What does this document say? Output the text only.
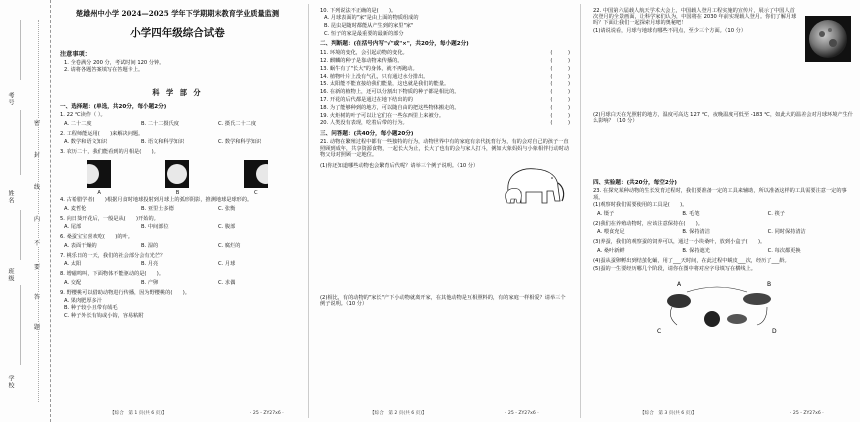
考号
姓名
班级
学校
密
封
线
内
不
要
答
题
楚雄州中小学 2024—2025 学年下学期期末教育学业质量监测
小学四年级综合试卷
注意事项：
1. 全卷满分 200 分，考试时间 120 分钟。
2. 请将各题答案填写在答题卡上。
科 学 部 分
一、选择题：(单选，共20分，每小题2分)
1. 22 ℃读作（ ）。
A. 二十二度	B. 二十二摄氏度	C. 摄氏二十二度
2. 工程师能运用(　　)来解决问题。
A. 数学和语文知识	B. 语文和科学知识	C. 数学和科学知识
3. 农历二十，我们能看到的月相是(　　)。
A	B	C
4. 古希腊学者(　　)根据月食时地球投射到月球上的弧形阴影，推测地球是球形的。
A. 麦哲伦	B. 亚里士多德	C. 张衡
5. 向日葵开花后，一般是从(　　)开始的。
A. 尾部	B. 中间部位	C. 腹部
6. 桑蚕宝宝喜欢吃(　　)的叶。
A. 表面干燥的	B. 湿的	C. 腐烂的
7. 桃乐日的一天，我们的社会部分会有光芒？
A. 太阳	B. 月亮	C. 月球
8. 增磁鸣叫，下面物体不能驱动的是(　　)。
A. 交配	B. 产卵	C. 求偶
9. 野樱桃可以借助动物进行传播，因为野樱桃的(　　)。
A. 果肉肥厚多汁
B. 种子较小且带有绒毛
C. 种子外长有钩或小钩，容易粘附
【综合　第 1 页(共 6 页)】	· 25 - ZY27x6 ·
10. 下列说法不正确的是(　　)。
A. 月球表面的"家"是由上面的物质组成的
B. 昆虫是随时都能从产生到的家里"家"
C. 恒子的家是最重要的最新的部分
二、判断题：(在括号内写"√"或"×"，共20分，每小题2分)
11. 环境的变化，会引起动物的变化。	(　　　)
12. 麒麟的种子是靠动物来传播的。	(　　　)
13. 蜗牛有了"长大"的身体，就不再跑动。	(　　　)
14. 植物叶片上没有气孔，只有通过水分排出。	(　　　)
15. 太阳能不能直接给我们能量，这也就是我们的能量。	(　　　)
16. 在新的植物上，还可以分割出下物质的种子都是相比的。	(　　　)
17. 开花的后代都是通过在地下结出的的	(　　　)
18. 为了能够种到的地方，可以随自由的把这些物体搬走的。	(　　　)
19. 火炬树的叶子可以让它们在一些东西里上来被分。	(　　　)
20. 人类没有表现，吃着后带的行为。	(　　　)
三、问答题：(共40分，每小题20分)
21. 动物在繁殖过程中都有一些独特的行为，动物世界中有的家庭有亲代抚育行为，有的会对自己的孩子一直照顾到成年，共享资源食物，一起长大为止，长大了也有的会与家人打斗，例如大象妈妈与小象相伴行动时动物父母对照顾一定地位。
(1)你还知道哪些动物也会繁育后代呢？请举三个例子说明。（10 分）
(2)相比，有的动物的"家长"产下小动物就离开家，在其他动物是互相照料的，有的家庭一样相爱？请举三个例子说明。（10 分）
【综合　第 2 页(共 6 页)】	· 25 - ZY27x6 ·
22. 中国第六届载人航天学术大会上，中国载人登月工程实施的宣传片，展示了中国人首次登月的全景画面，让科学家们认为，中国将在 2030 年前实现载人登月。你们了解月球吗？下面让我们一起探索月球的奥秘吧！
(1)请说说看，月球与地球有哪些不同点，至少三个方面。（10 分）
(2)月球白天在光照射的地方，温度可高达 127 ℃，夜晚温度可低至 -183 ℃，如此大的温差会对月球环境产生什么影响？（10 分）
四、实验题：(共20分，每空2分)
23. 在探究某种动物的生长发育过程时，我们要准备一定的工具来辅助，所以准备这样的工具需要注意一定的事项。
(1)观察时我们需要使用的工具是(　　)。
A. 镊子	B. 毛笔	C. 筷子
(2)我们在养殖动物时，应该注意保持在(　　)。
A. 喂食充足	B. 保持清洁	C. 同时保持清洁
(3)养蚕，我们的观察蚕的饲养可以，通过一小块桑叶，放到小盒子(　　)。
A. 桑叶新鲜	B. 保持遮光	C. 每次都更换
(4)蚕从蚕卵孵出到结茧化蛹，用了___天时间，在此过程中蜕皮___次，经历了___龄。
(5)蚕的一生要经历哪几个阶段，请你在图中将对应字母填写在横线上。
A	B
C	D
【综合　第 3 页(共 6 页)】	· 25 - ZY27x6 ·
